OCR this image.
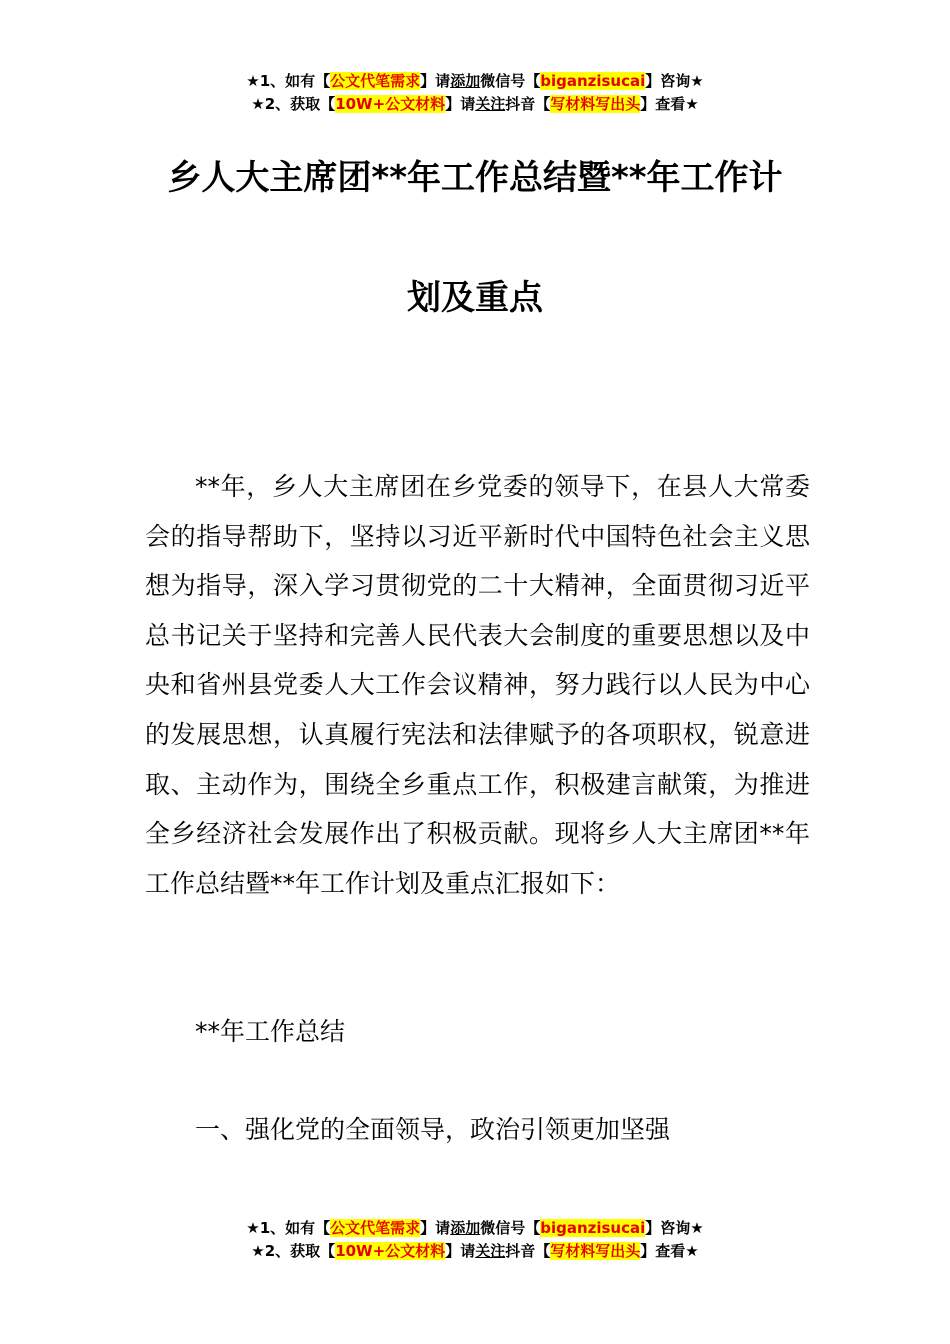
★1、如有【公文代笔需求】请添加微信号【biganzisucai】咨询★
★2、获取【10W+公文材料】请关注抖音【写材料写出头】查看★
乡人大主席团**年工作总结暨**年工作计
划及重点

**年，乡人大主席团在乡党委的领导下，在县人大常委会的指导帮助下，坚持以习近平新时代中国特色社会主义思想为指导，深入学习贯彻党的二十大精神，全面贯彻习近平总书记关于坚持和完善人民代表大会制度的重要思想以及中央和省州县党委人大工作会议精神，努力践行以人民为中心的发展思想，认真履行宪法和法律赋予的各项职权，锐意进取、主动作为，围绕全乡重点工作，积极建言献策，为推进全乡经济社会发展作出了积极贡献。现将乡人大主席团**年工作总结暨**年工作计划及重点汇报如下：

**年工作总结

一、强化党的全面领导，政治引领更加坚强

★1、如有【公文代笔需求】请添加微信号【biganzisucai】咨询★
★2、获取【10W+公文材料】请关注抖音【写材料写出头】查看★
